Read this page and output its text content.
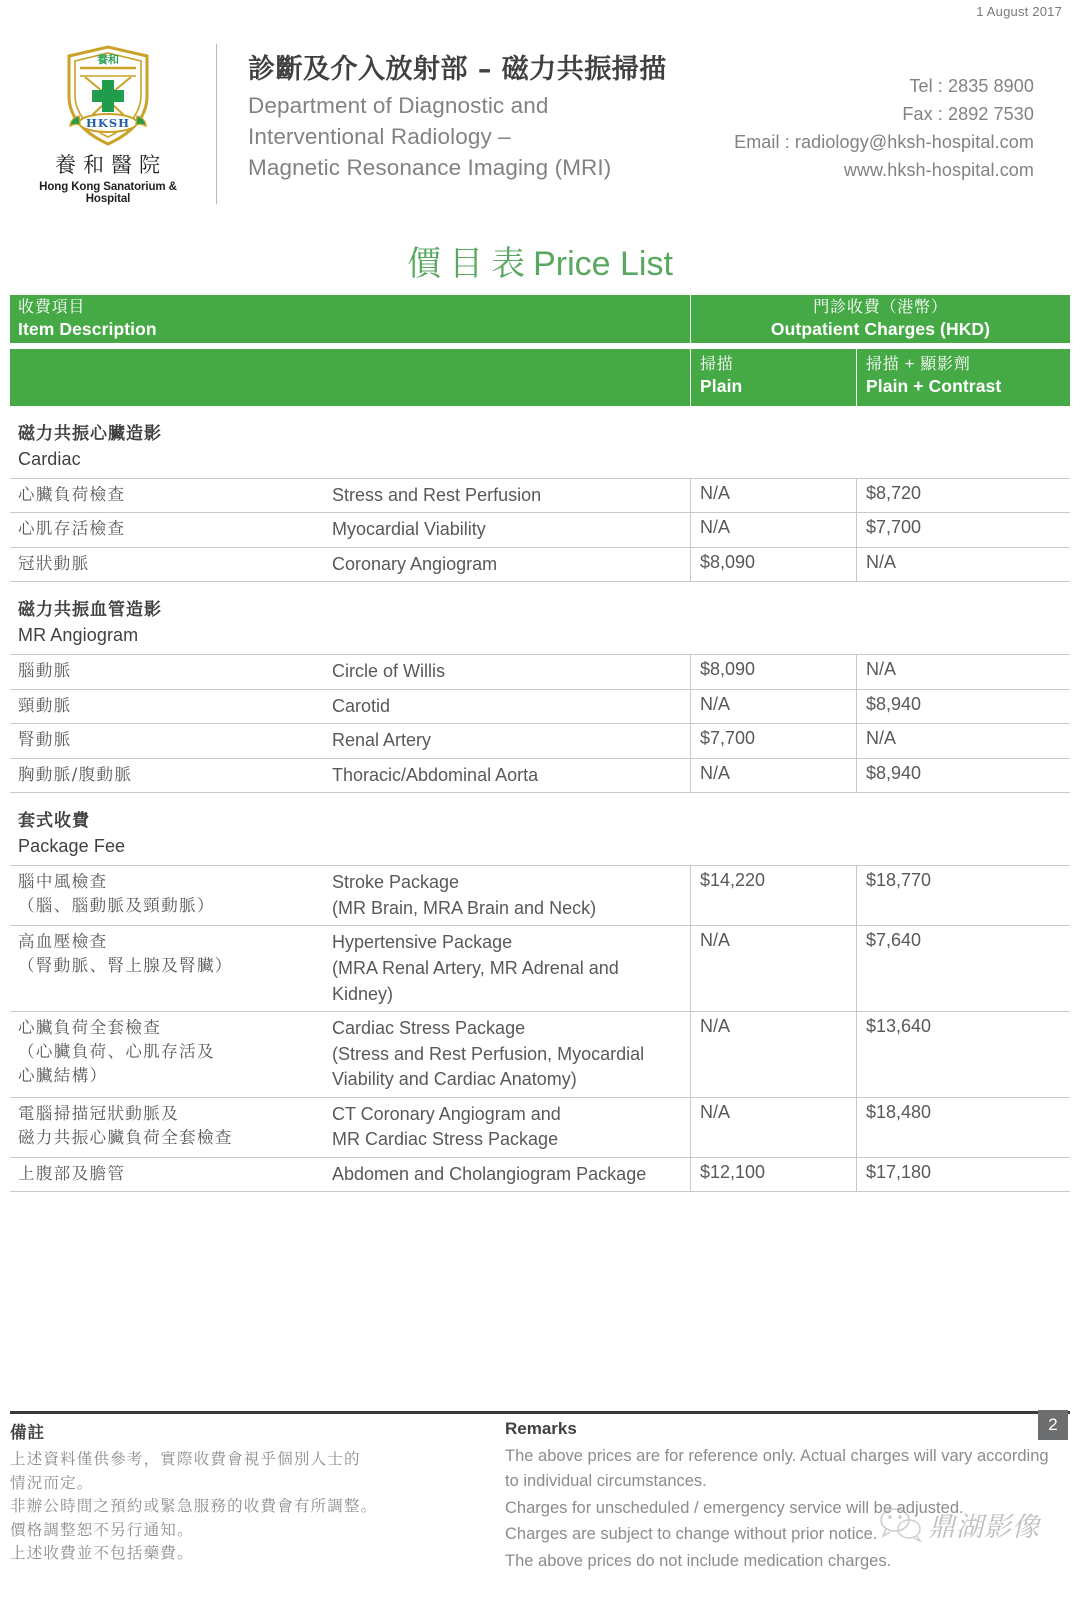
1 August 2017
養和
HKSH
養和醫院
Hong Kong Sanatorium & Hospital
診斷及介入放射部 – 磁力共振掃描
Department of Diagnostic and
Interventional Radiology –
Magnetic Resonance Imaging (MRI)
Tel : 2835 8900
Fax : 2892 7530
Email : radiology@hksh-hospital.com
www.hksh-hospital.com
價目表Price List
收費項目
Item Description
門診收費（港幣）
Outpatient Charges (HKD)
掃描
Plain
掃描 + 顯影劑
Plain + Contrast
磁力共振心臟造影
Cardiac
心臟負荷檢查	Stress and Rest Perfusion	N/A	$8,720
心肌存活檢查	Myocardial Viability	N/A	$7,700
冠狀動脈	Coronary Angiogram	$8,090	N/A
磁力共振血管造影
MR Angiogram
腦動脈	Circle of Willis	$8,090	N/A
頸動脈	Carotid	N/A	$8,940
腎動脈	Renal Artery	$7,700	N/A
胸動脈/腹動脈	Thoracic/Abdominal Aorta	N/A	$8,940
套式收費
Package Fee
腦中風檢查
（腦、腦動脈及頸動脈）
Stroke Package
(MR Brain, MRA Brain and Neck)
$14,220	$18,770
高血壓檢查
（腎動脈、腎上腺及腎臟）
Hypertensive Package
(MRA Renal Artery, MR Adrenal and
Kidney)
N/A	$7,640
心臟負荷全套檢查
（心臟負荷、心肌存活及
心臟結構）
Cardiac Stress Package
(Stress and Rest Perfusion, Myocardial
Viability and Cardiac Anatomy)
N/A	$13,640
電腦掃描冠狀動脈及
磁力共振心臟負荷全套檢查
CT Coronary Angiogram and
MR Cardiac Stress Package
N/A	$18,480
上腹部及膽管	Abdomen and Cholangiogram Package	$12,100	$17,180
備註
上述資料僅供參考，實際收費會視乎個別人士的
情況而定。
非辦公時間之預約或緊急服務的收費會有所調整。
價格調整恕不另行通知。
上述收費並不包括藥費。
Remarks
The above prices are for reference only. Actual charges will vary according to individual circumstances.
Charges for unscheduled / emergency service will be adjusted.
Charges are subject to change without prior notice.
The above prices do not include medication charges.
2
鼎湖影像
